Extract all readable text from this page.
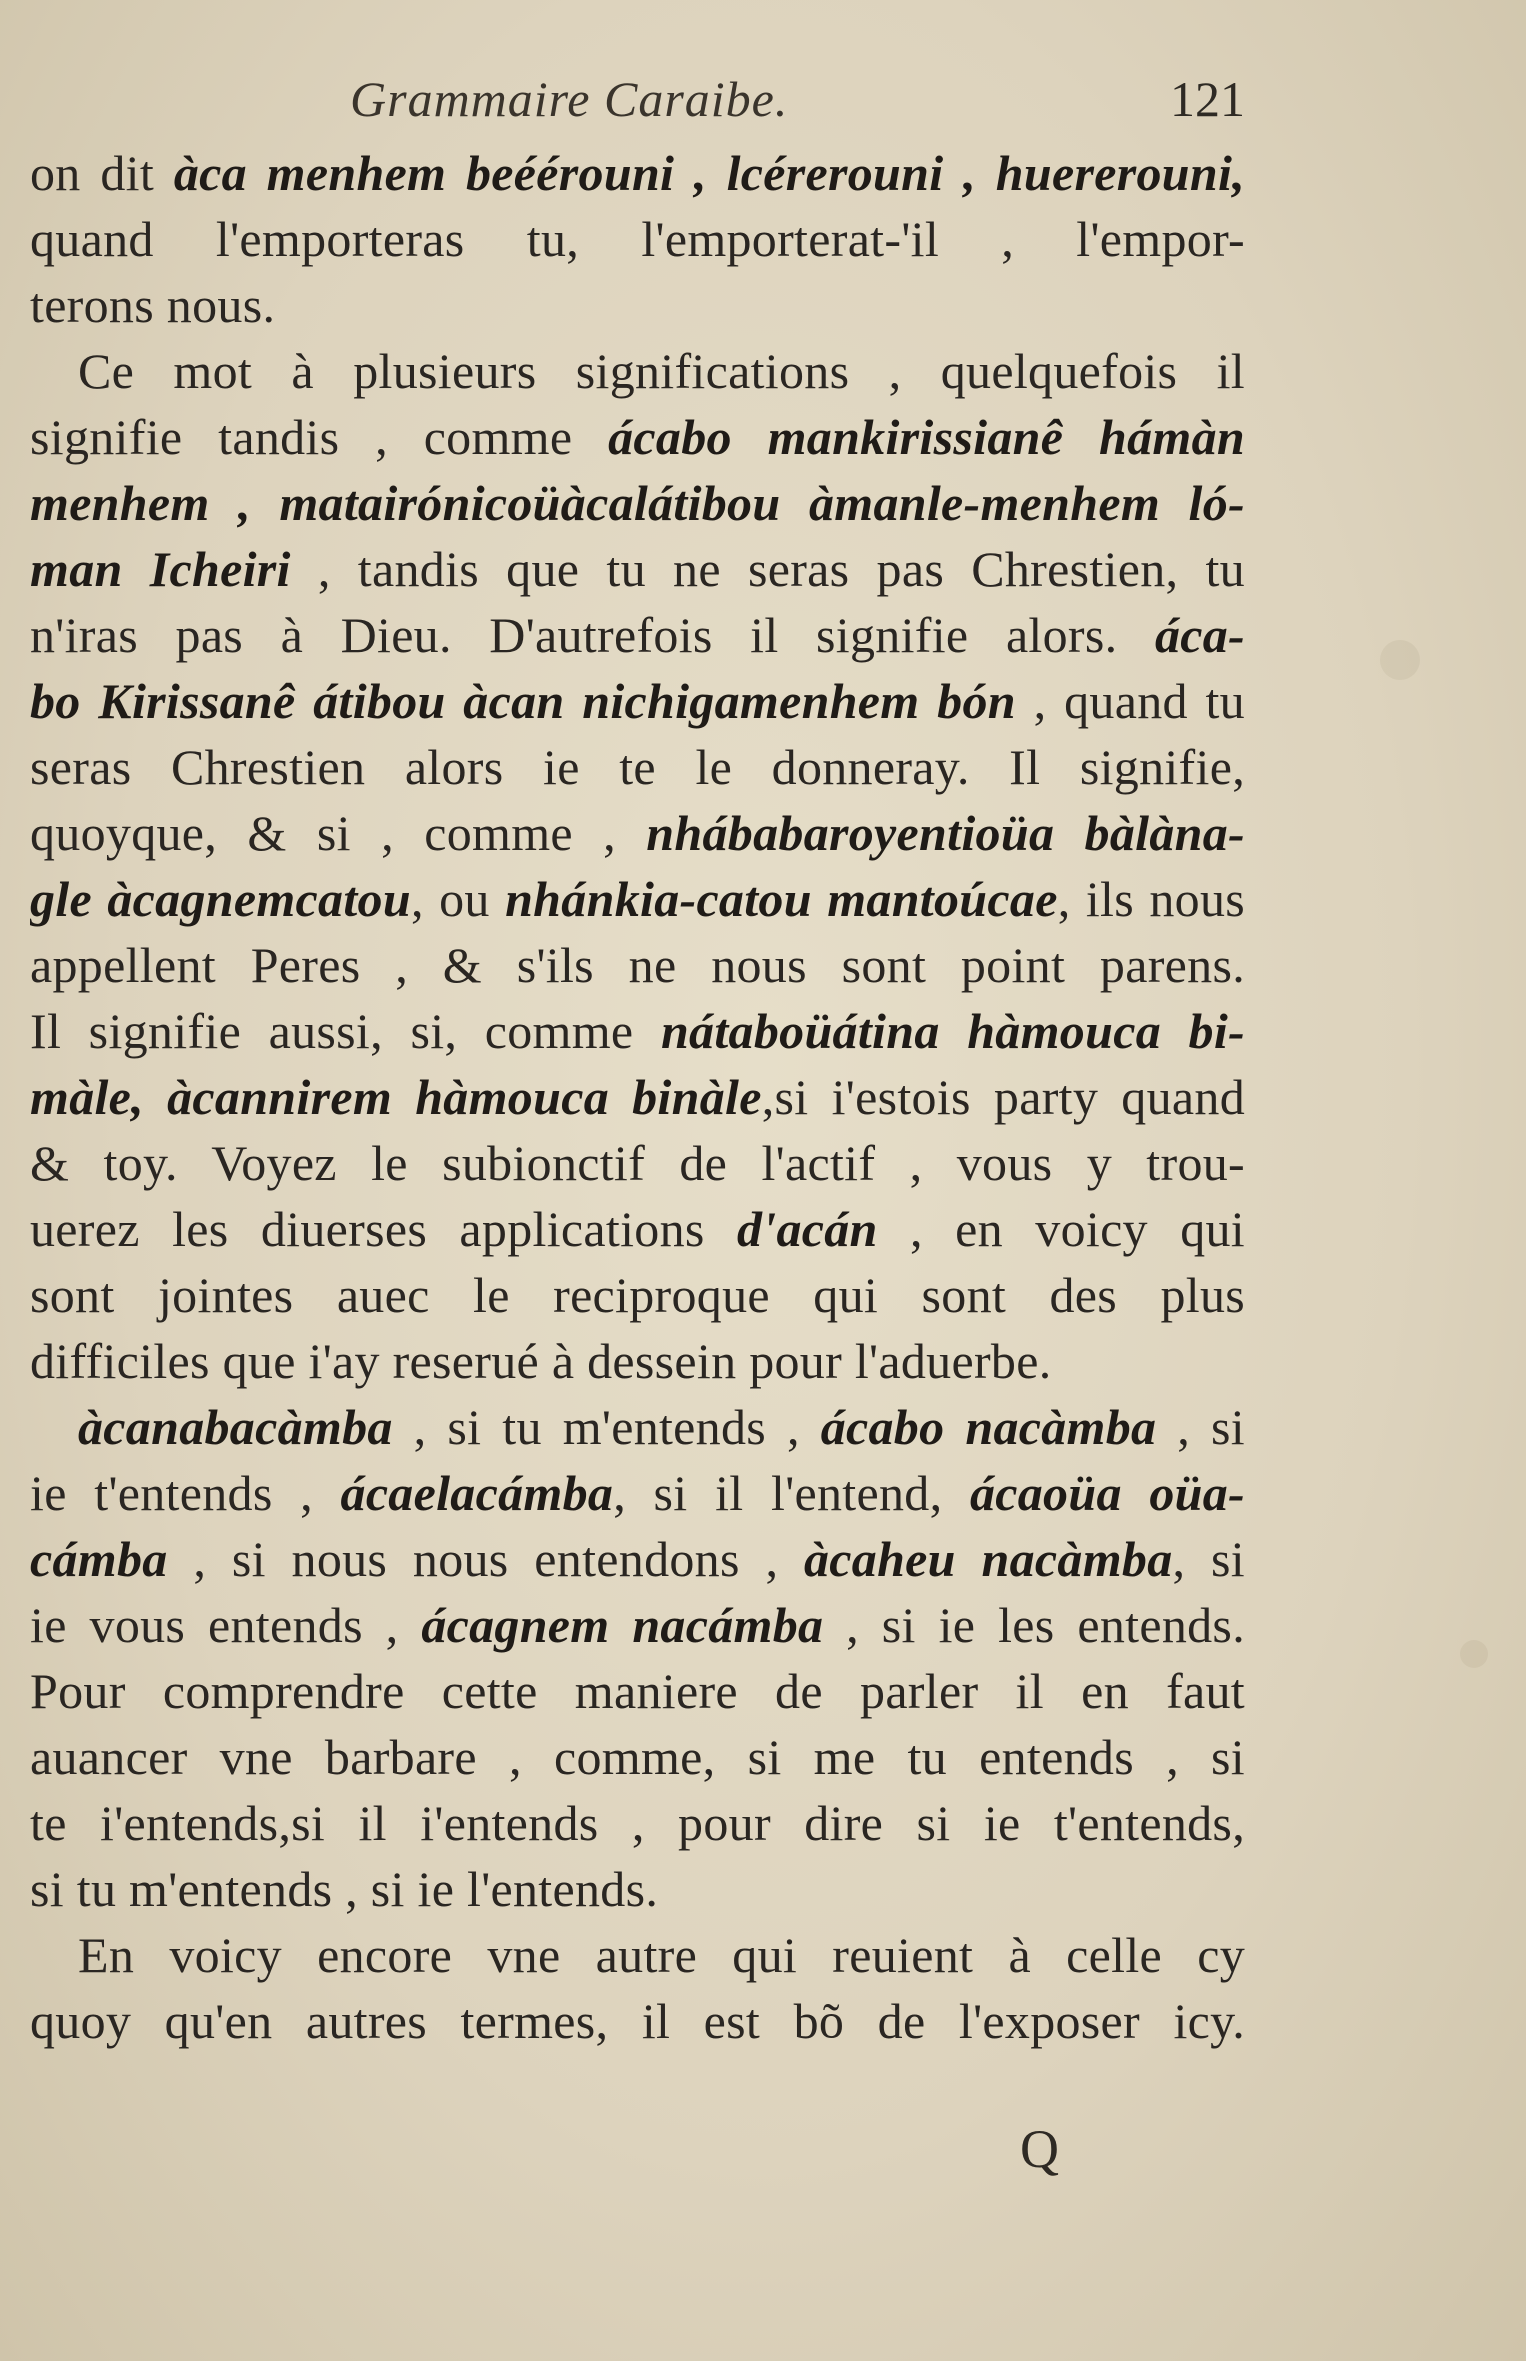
Grammaire Caraibe.	121
on dit àca menhem beéérouni , lcérerouni , huererouni,
quand l'emporteras tu, l'emporterat-'il , l'empor-
terons nous.
Ce mot à plusieurs significations , quelquefois il
signifie tandis , comme ácabo mankirissianê hámàn
menhem , matairónicoüàcalátibou àmanle-menhem ló-
man Icheiri , tandis que tu ne seras pas Chrestien, tu
n'iras pas à Dieu. D'autrefois il signifie alors. áca-
bo Kirissanê átibou àcan nichigamenhem bón , quand tu
seras Chrestien alors ie te le donneray. Il signifie,
quoyque, & si , comme , nhábabaroyentioüa bàlàna-
gle àcagnemcatou, ou nhánkia-catou mantoúcae, ils nous
appellent Peres , & s'ils ne nous sont point parens.
Il signifie aussi, si, comme nátaboüátina hàmouca bi-
màle, àcannirem hàmouca binàle,si i'estois party quand
& toy. Voyez le subionctif de l'actif , vous y trou-
uerez les diuerses applications d'acán , en voicy qui
sont jointes auec le reciproque qui sont des plus
difficiles que i'ay reserué à dessein pour l'aduerbe.
àcanabacàmba , si tu m'entends , ácabo nacàmba , si
ie t'entends , ácaelacámba, si il l'entend, ácaoüa oüa-
cámba , si nous nous entendons , àcaheu nacàmba, si
ie vous entends , ácagnem nacámba , si ie les entends.
Pour comprendre cette maniere de parler il en faut
auancer vne barbare , comme, si me tu entends , si
te i'entends,si il i'entends , pour dire si ie t'entends,
si tu m'entends , si ie l'entends.
En voicy encore vne autre qui reuient à celle cy
quoy qu'en autres termes, il est bõ de l'exposer icy.
Q
